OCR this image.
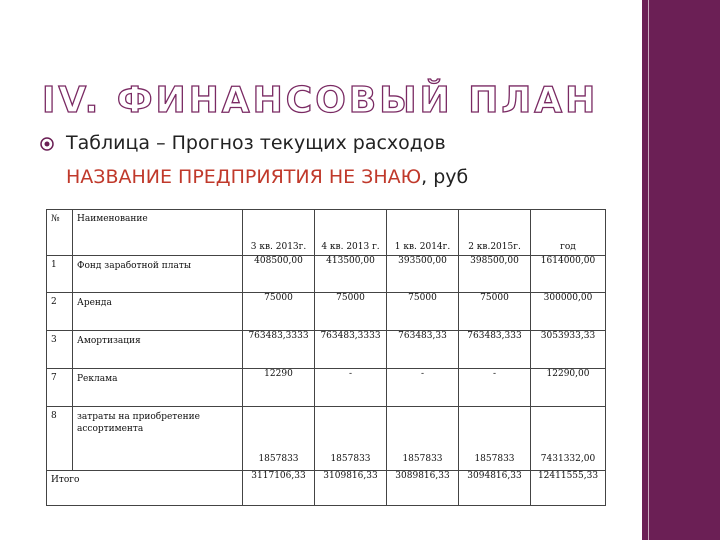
IV. ФИНАНСОВЫЙ ПЛАН
Таблица – Прогноз текущих расходов
НАЗВАНИЕ ПРЕДПРИЯТИЯ НЕ ЗНАЮ, руб
№	Наименование	3 кв. 2013г.	4 кв. 2013 г.	1 кв. 2014г.	2 кв.2015г.	год

1	Фонд заработной платы	408500,00	413500,00	393500,00	398500,00	1614000,00

2	Аренда	75000	75000	75000	75000	300000,00

3	Амортизация	763483,3333	763483,3333	763483,33	763483,333	3053933,33

7	Реклама	12290	-	-	-	12290,00

8	затраты на приобретение ассортимента	1857833	1857833	1857833	1857833	7431332,00

Итого		3117106,33	3109816,33	3089816,33	3094816,33	12411555,33
